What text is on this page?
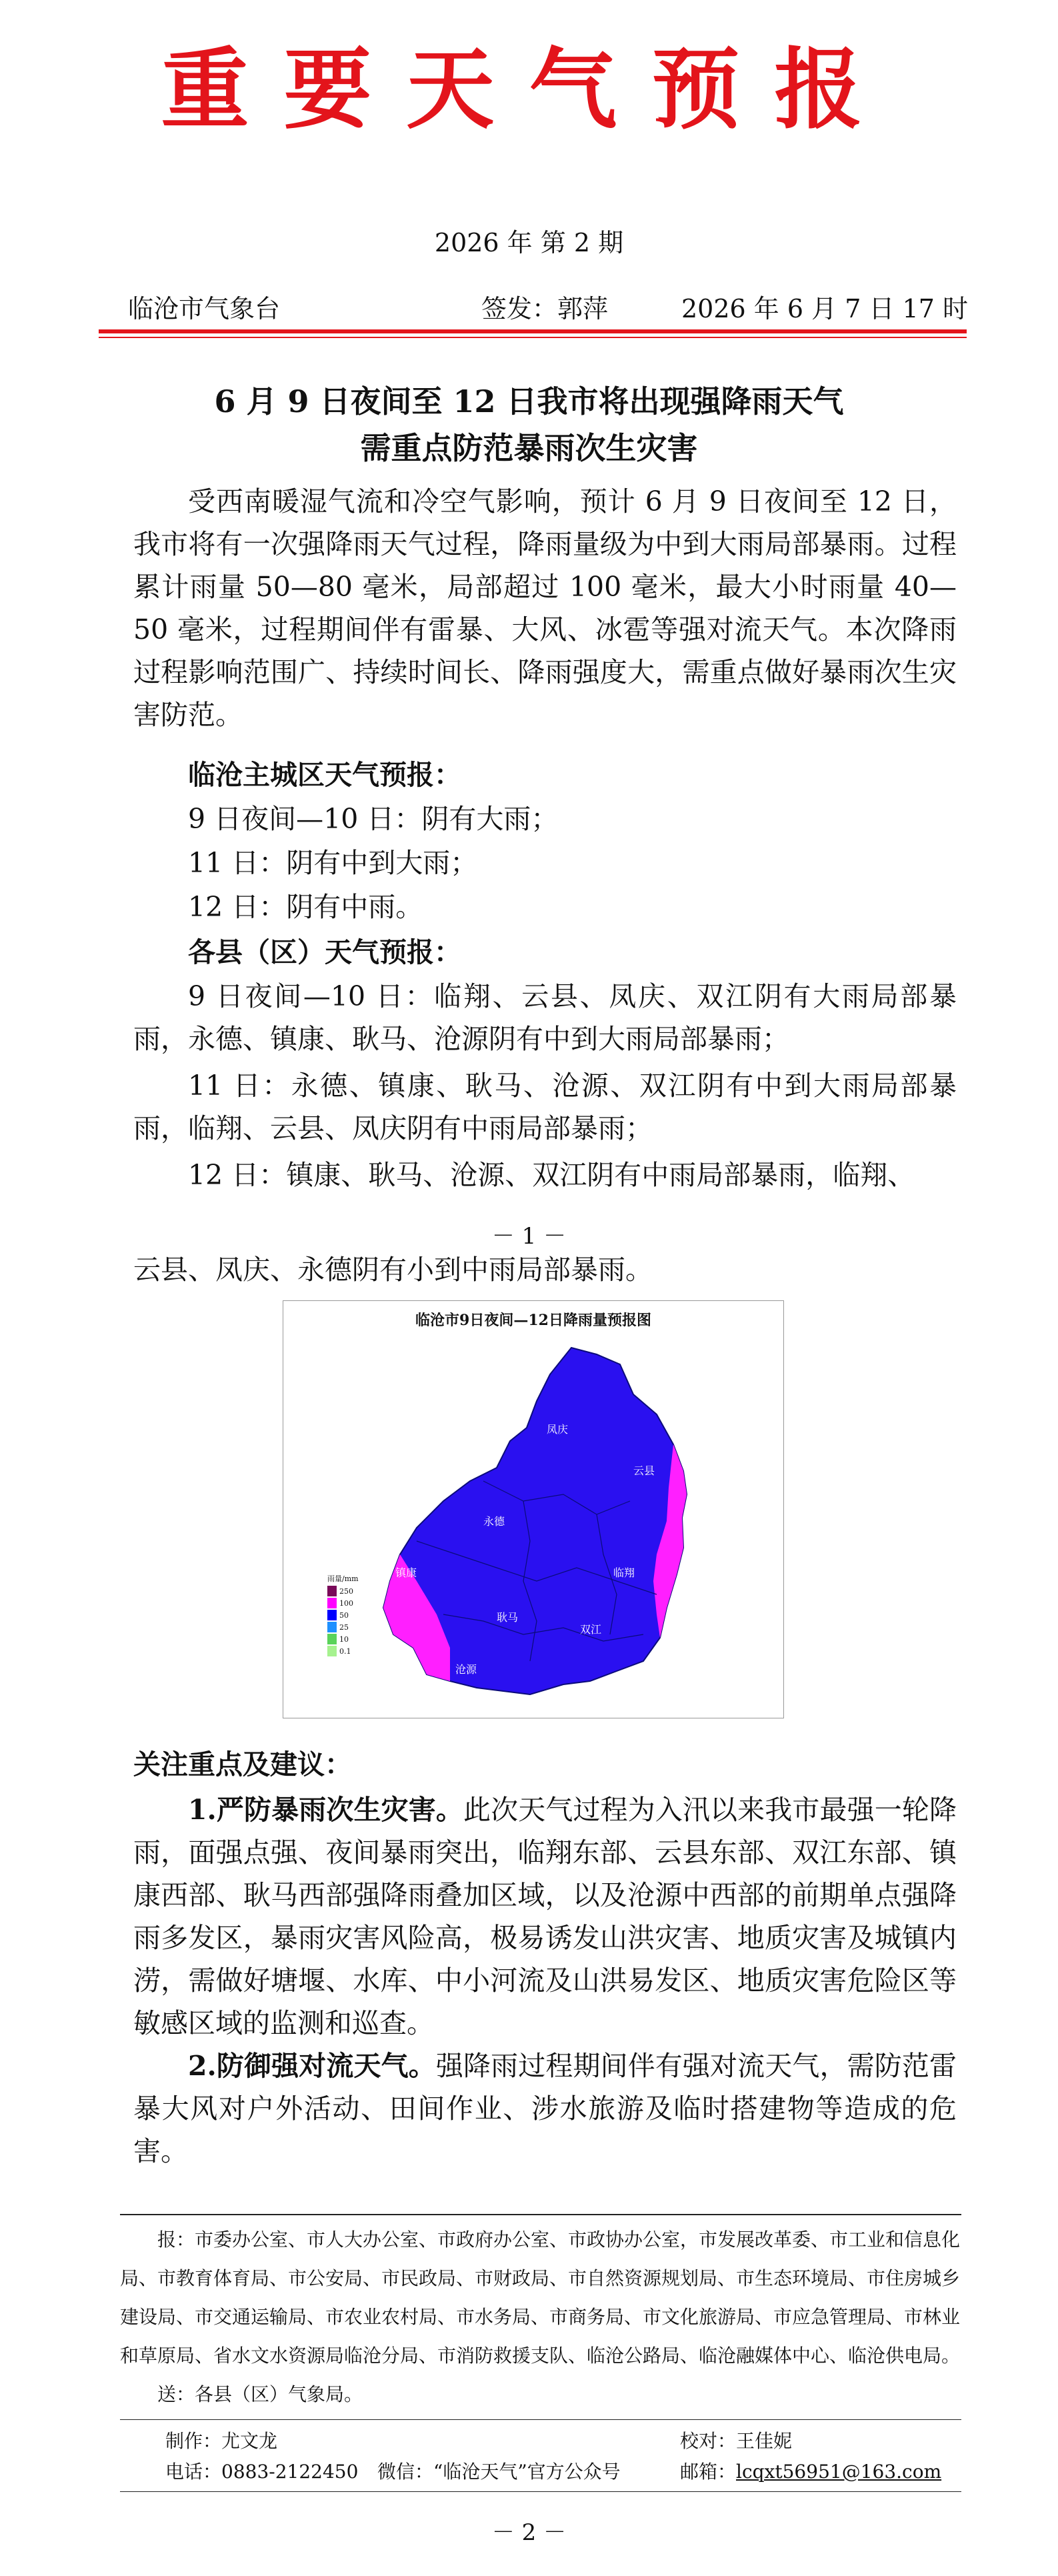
重要天气预报
2026 年 第 2 期
临沧市气象台	签发：郭萍	2026 年 6 月 7 日 17 时
6 月 9 日夜间至 12 日我市将出现强降雨天气
需重点防范暴雨次生灾害
受西南暖湿气流和冷空气影响，预计 6 月 9 日夜间至 12 日，我市将有一次强降雨天气过程，降雨量级为中到大雨局部暴雨。过程累计雨量 50—80 毫米，局部超过 100 毫米，最大小时雨量 40—50 毫米，过程期间伴有雷暴、大风、冰雹等强对流天气。本次降雨过程影响范围广、持续时间长、降雨强度大，需重点做好暴雨次生灾害防范。
临沧主城区天气预报：
9 日夜间—10 日：阴有大雨；
11 日：阴有中到大雨；
12 日：阴有中雨。
各县（区）天气预报：
9 日夜间—10 日：临翔、云县、凤庆、双江阴有大雨局部暴雨，永德、镇康、耿马、沧源阴有中到大雨局部暴雨；
11 日：永德、镇康、耿马、沧源、双江阴有中到大雨局部暴雨，临翔、云县、凤庆阴有中雨局部暴雨；
12 日：镇康、耿马、沧源、双江阴有中雨局部暴雨，临翔、
－ 1 －
云县、凤庆、永德阴有小到中雨局部暴雨。
临沧市9日夜间—12日降雨量预报图
凤庆
云县
永德
临翔
镇康
耿马
双江
沧源
雨量/mm
250
100
50
25
10
0.1
关注重点及建议：
1.严防暴雨次生灾害。此次天气过程为入汛以来我市最强一轮降雨，面强点强、夜间暴雨突出，临翔东部、云县东部、双江东部、镇康西部、耿马西部强降雨叠加区域，以及沧源中西部的前期单点强降雨多发区，暴雨灾害风险高，极易诱发山洪灾害、地质灾害及城镇内涝，需做好塘堰、水库、中小河流及山洪易发区、地质灾害危险区等敏感区域的监测和巡查。
2.防御强对流天气。强降雨过程期间伴有强对流天气，需防范雷暴大风对户外活动、田间作业、涉水旅游及临时搭建物等造成的危害。
报：市委办公室、市人大办公室、市政府办公室、市政协办公室，市发展改革委、市工业和信息化局、市教育体育局、市公安局、市民政局、市财政局、市自然资源规划局、市生态环境局、市住房城乡建设局、市交通运输局、市农业农村局、市水务局、市商务局、市文化旅游局、市应急管理局、市林业和草原局、省水文水资源局临沧分局、市消防救援支队、临沧公路局、临沧融媒体中心、临沧供电局。
送：各县（区）气象局。
制作：尤文龙	校对：王佳妮
电话：0883-2122450 微信：“临沧天气”官方公众号	邮箱：lcqxt56951@163.com
－ 2 －
